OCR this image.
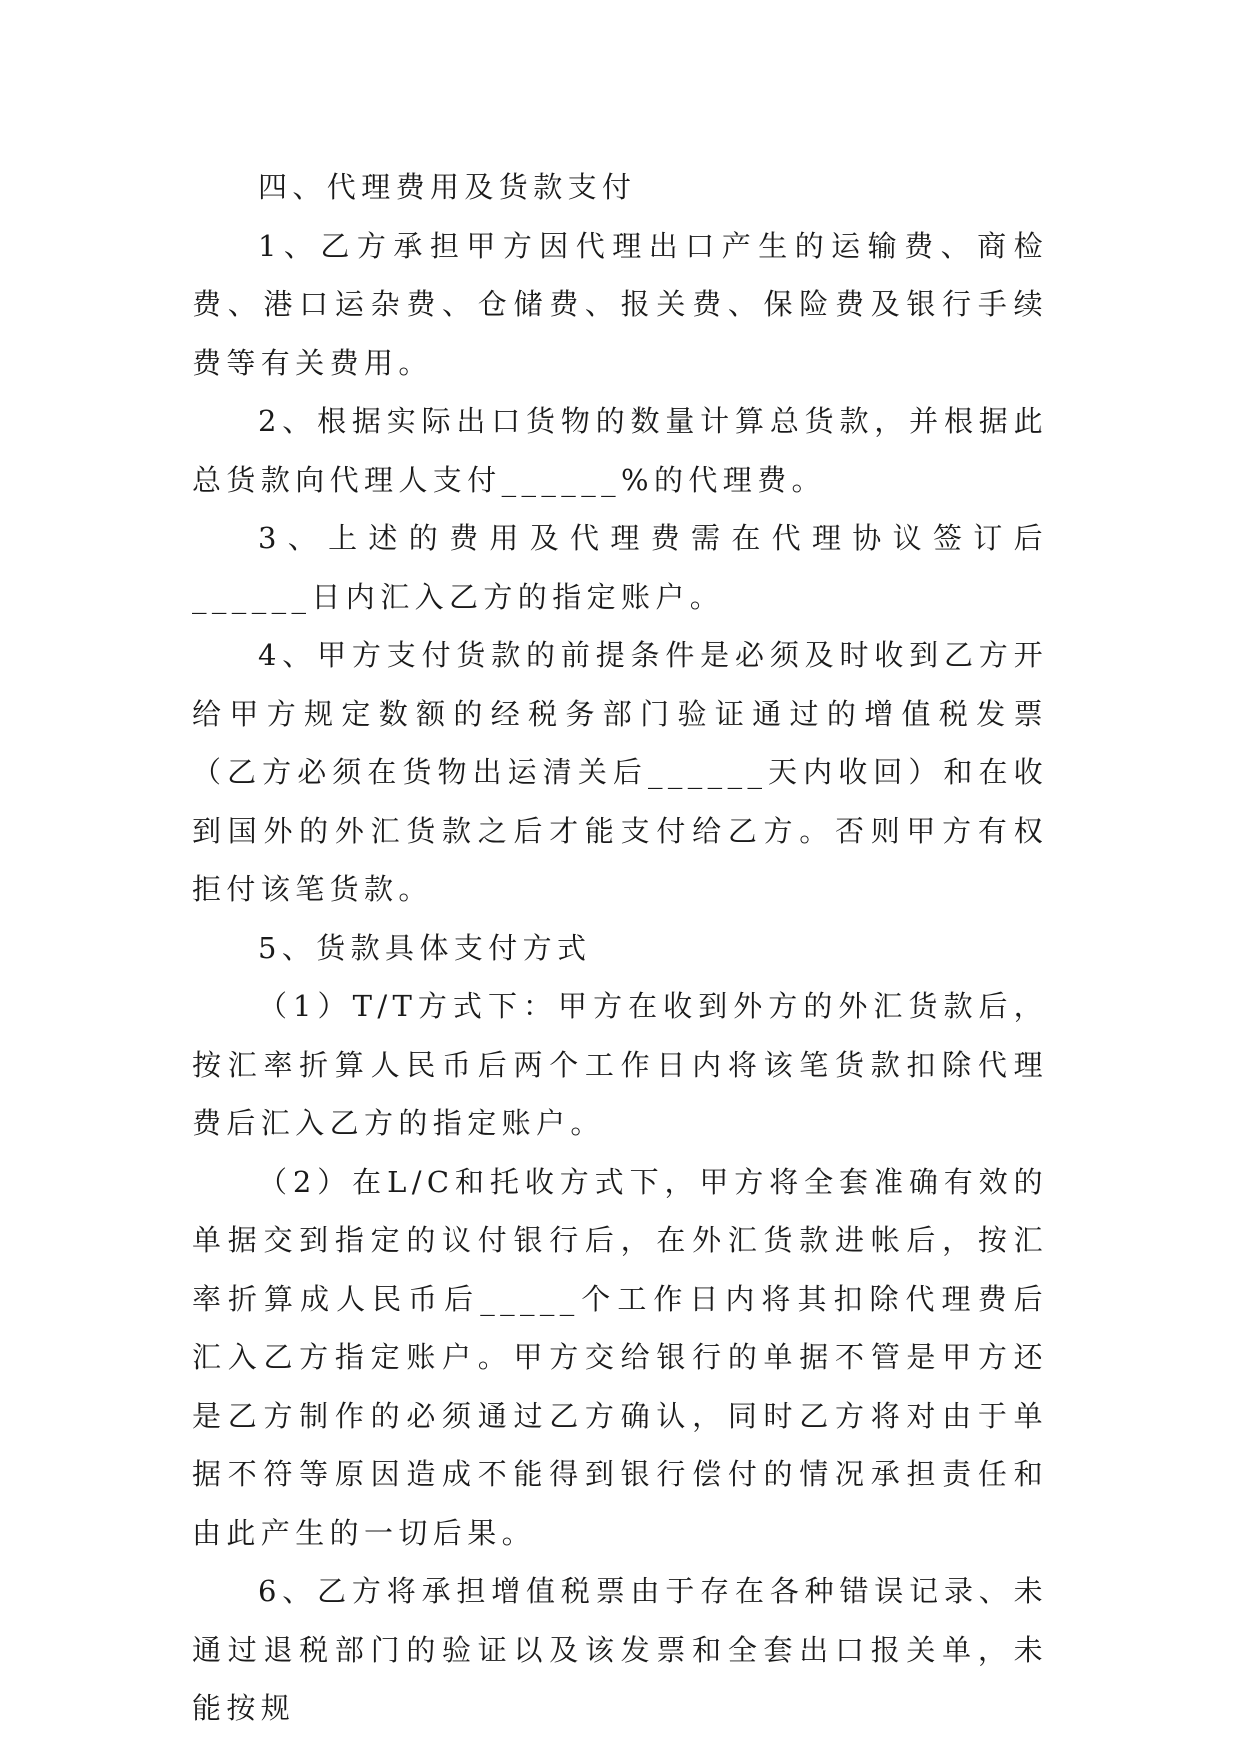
四、代理费用及货款支付

1、乙方承担甲方因代理出口产生的运输费、商检费、港口运杂费、仓储费、报关费、保险费及银行手续费等有关费用。

2、根据实际出口货物的数量计算总货款，并根据此总货款向代理人支付______%的代理费。

3、上述的费用及代理费需在代理协议签订后______日内汇入乙方的指定账户。

4、甲方支付货款的前提条件是必须及时收到乙方开给甲方规定数额的经税务部门验证通过的增值税发票（乙方必须在货物出运清关后______天内收回）和在收到国外的外汇货款之后才能支付给乙方。否则甲方有权拒付该笔货款。

5、货款具体支付方式

（1）T/T方式下：甲方在收到外方的外汇货款后，按汇率折算人民币后两个工作日内将该笔货款扣除代理费后汇入乙方的指定账户。

（2）在L/C和托收方式下，甲方将全套准确有效的单据交到指定的议付银行后，在外汇货款进帐后，按汇率折算成人民币后_____个工作日内将其扣除代理费后汇入乙方指定账户。甲方交给银行的单据不管是甲方还是乙方制作的必须通过乙方确认，同时乙方将对由于单据不符等原因造成不能得到银行偿付的情况承担责任和由此产生的一切后果。

6、乙方将承担增值税票由于存在各种错误记录、未通过退税部门的验证以及该发票和全套出口报关单，未能按规
